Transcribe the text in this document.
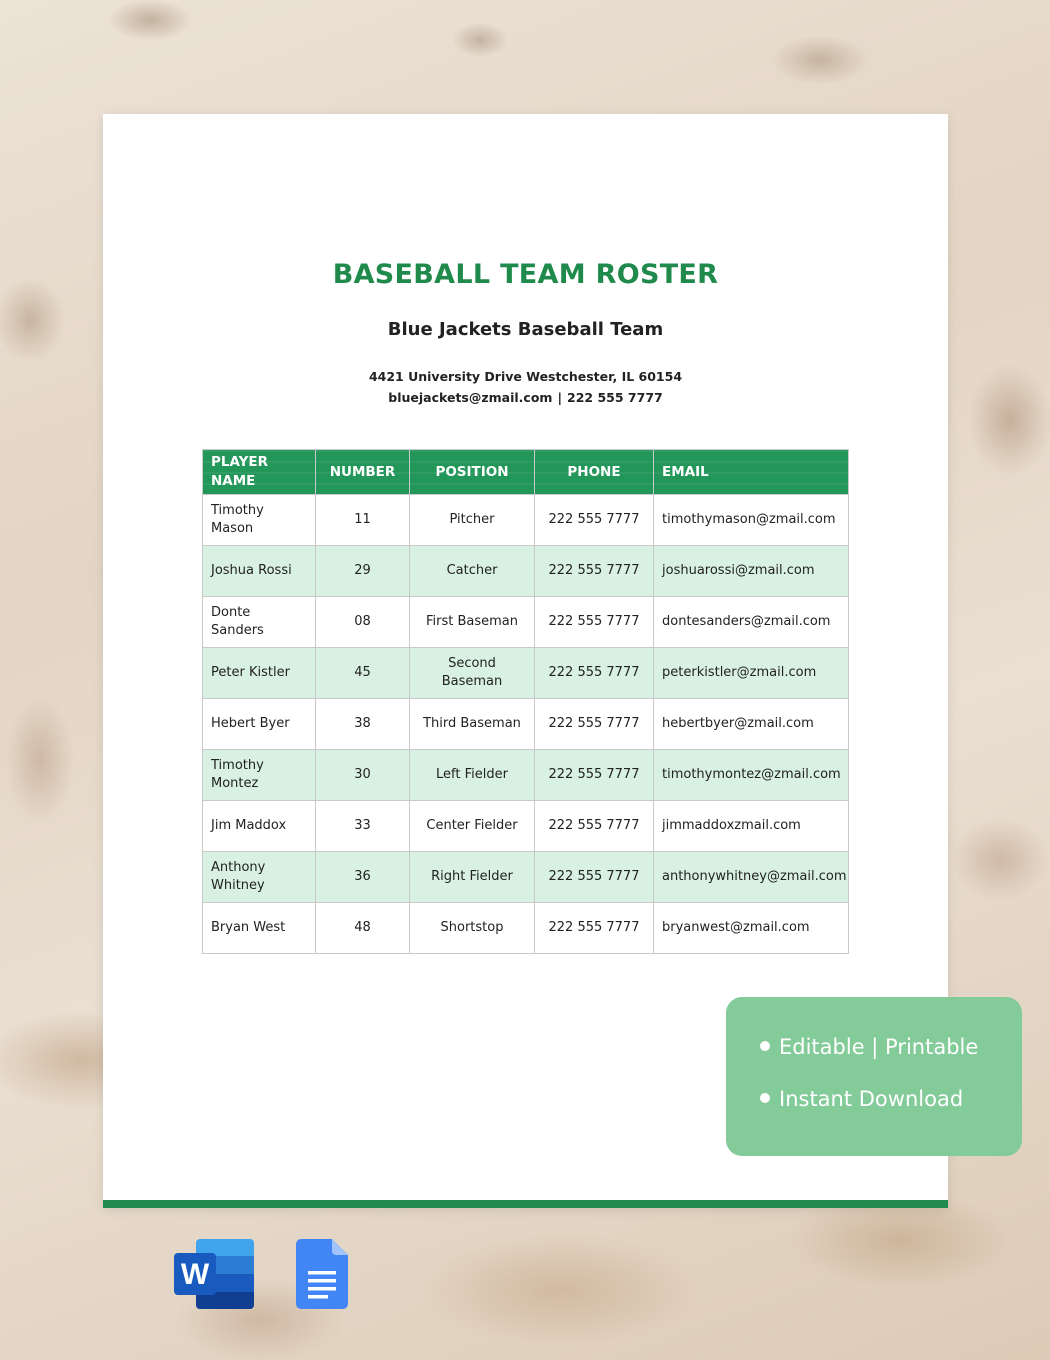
BASEBALL TEAM ROSTER
Blue Jackets Baseball Team
4421 University Drive Westchester, IL 60154
bluejackets@zmail.com | 222 555 7777
PLAYER NAME	NUMBER	POSITION	PHONE	EMAIL
Timothy Mason	11	Pitcher	222 555 7777	timothymason@zmail.com
Joshua Rossi	29	Catcher	222 555 7777	joshuarossi@zmail.com
Donte Sanders	08	First Baseman	222 555 7777	dontesanders@zmail.com
Peter Kistler	45	Second Baseman	222 555 7777	peterkistler@zmail.com
Hebert Byer	38	Third Baseman	222 555 7777	hebertbyer@zmail.com
Timothy Montez	30	Left Fielder	222 555 7777	timothymontez@zmail.com
Jim Maddox	33	Center Fielder	222 555 7777	jimmaddoxzmail.com
Anthony Whitney	36	Right Fielder	222 555 7777	anthonywhitney@zmail.com
Bryan West	48	Shortstop	222 555 7777	bryanwest@zmail.com
Editable | Printable
Instant Download
W
